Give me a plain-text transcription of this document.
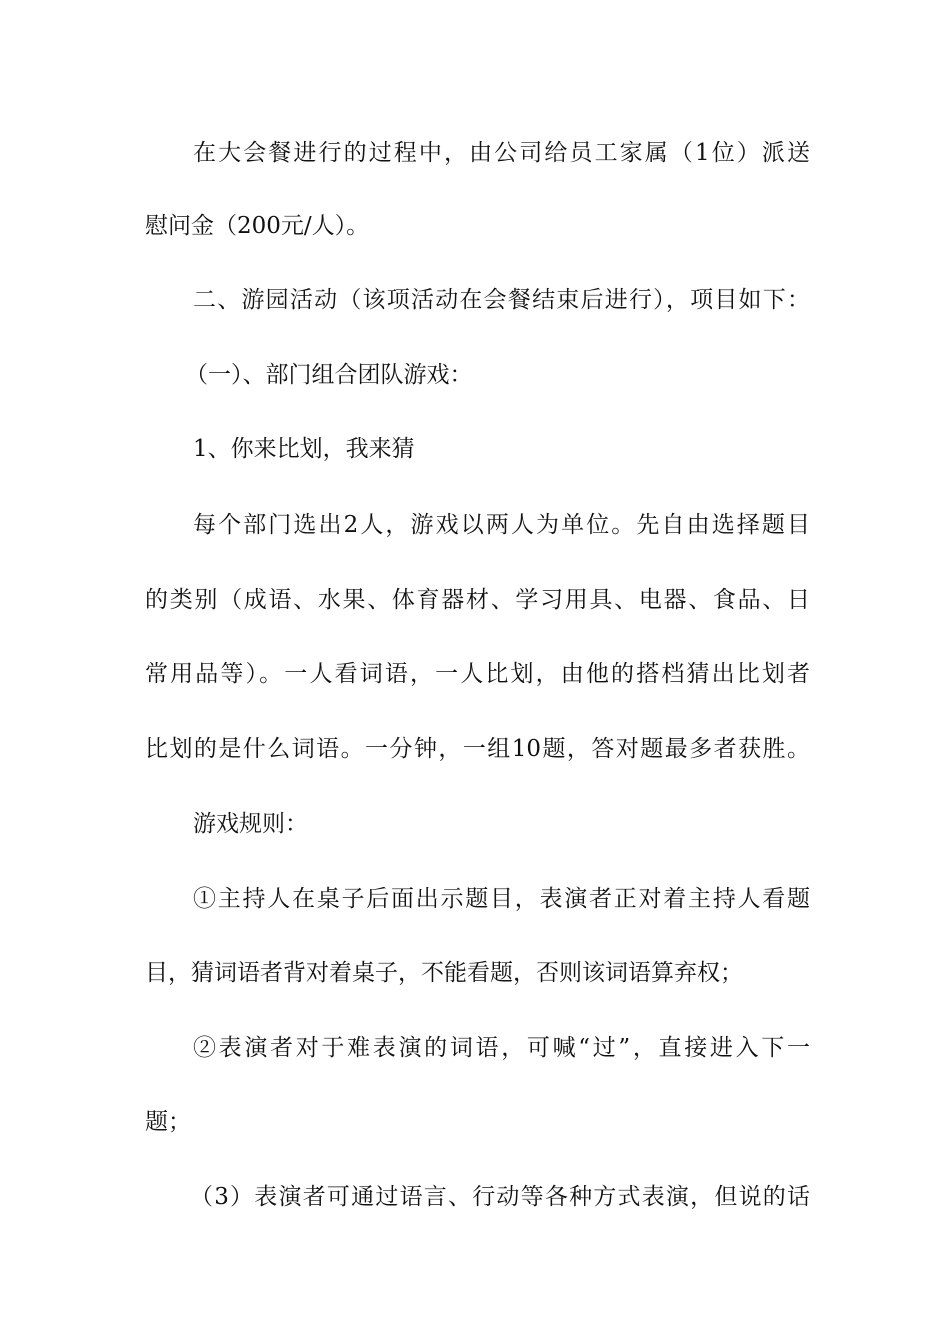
在大会餐进行的过程中，由公司给员工家属（1位）派送
慰问金（200元/人）。
二、游园活动（该项活动在会餐结束后进行），项目如下：
（一）、部门组合团队游戏：
1、你来比划，我来猜
每个部门选出2人，游戏以两人为单位。先自由选择题目
的类别（成语、水果、体育器材、学习用具、电器、食品、日
常用品等）。一人看词语，一人比划，由他的搭档猜出比划者
比划的是什么词语。一分钟，一组10题，答对题最多者获胜。
游戏规则：
①主持人在桌子后面出示题目，表演者正对着主持人看题
目，猜词语者背对着桌子，不能看题，否则该词语算弃权；
②表演者对于难表演的词语，可喊“过”，直接进入下一
题；
（3）表演者可通过语言、行动等各种方式表演，但说的话
